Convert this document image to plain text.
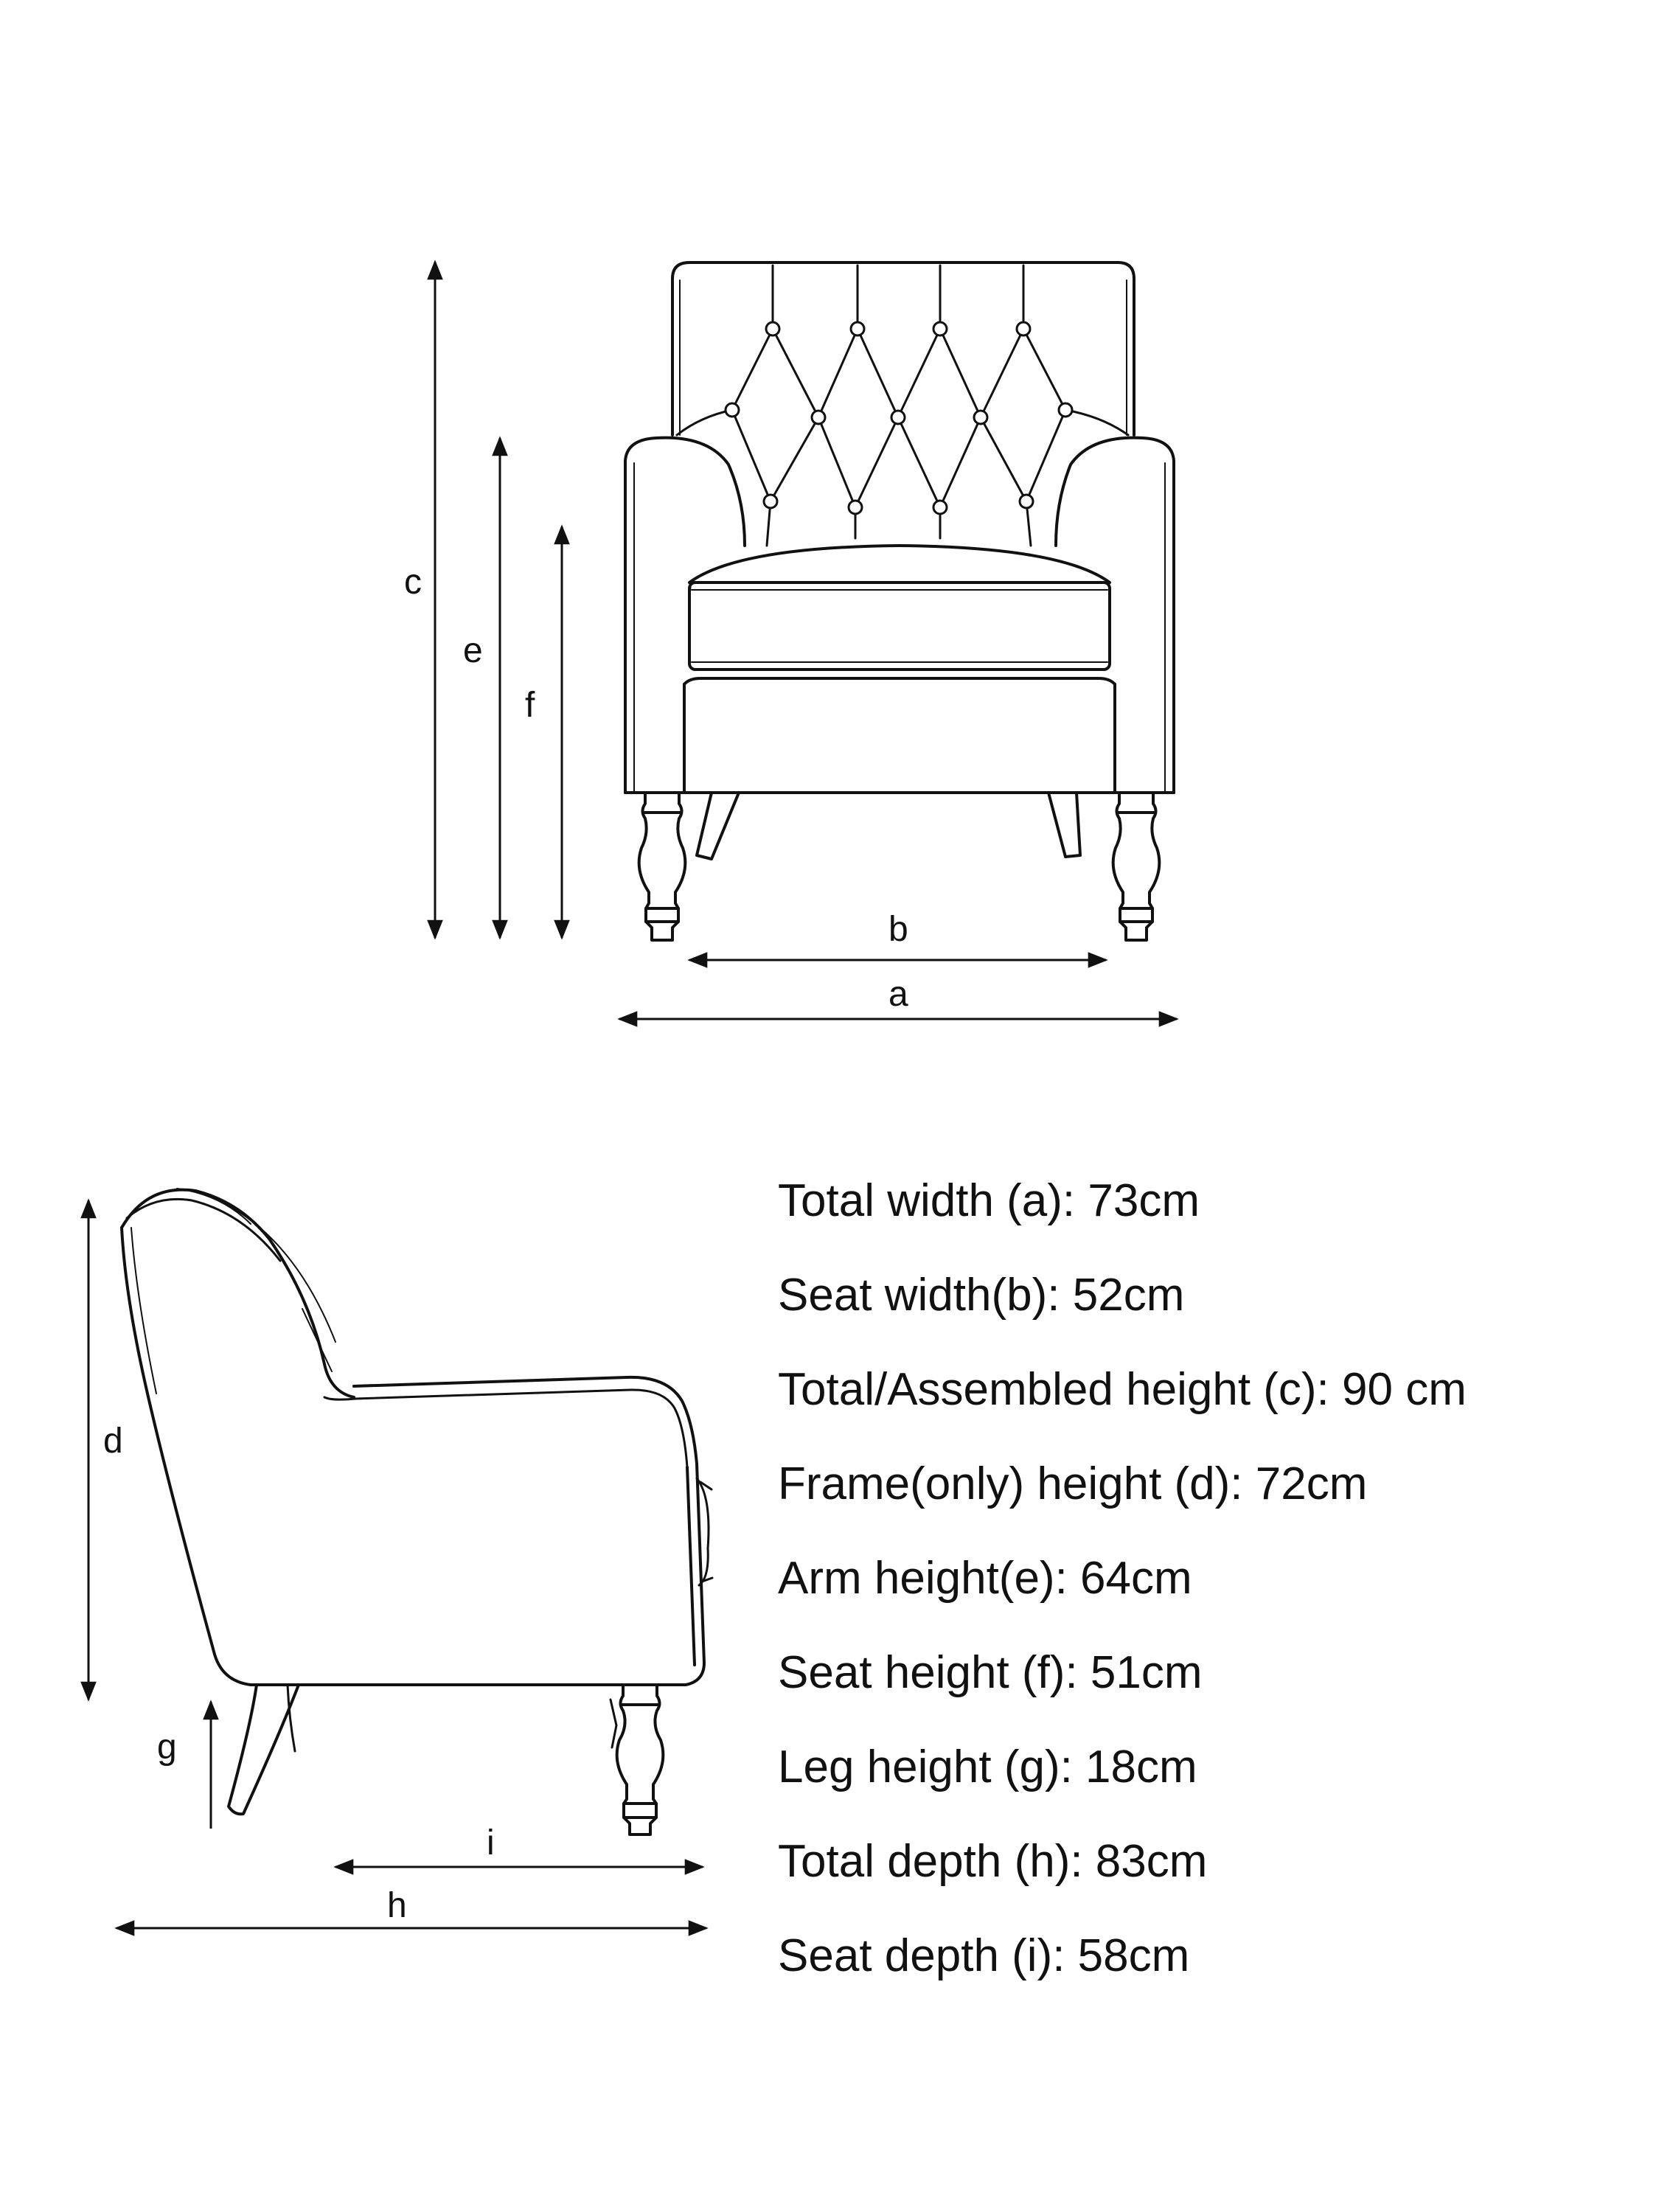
c
e
f
b
a
d
g
i
h
Total width (a): 73cm
Seat width(b): 52cm
Total/Assembled height (c): 90 cm
Frame(only) height (d): 72cm
Arm height(e): 64cm
Seat height (f): 51cm
Leg height (g): 18cm
Total depth (h): 83cm
Seat depth (i): 58cm
